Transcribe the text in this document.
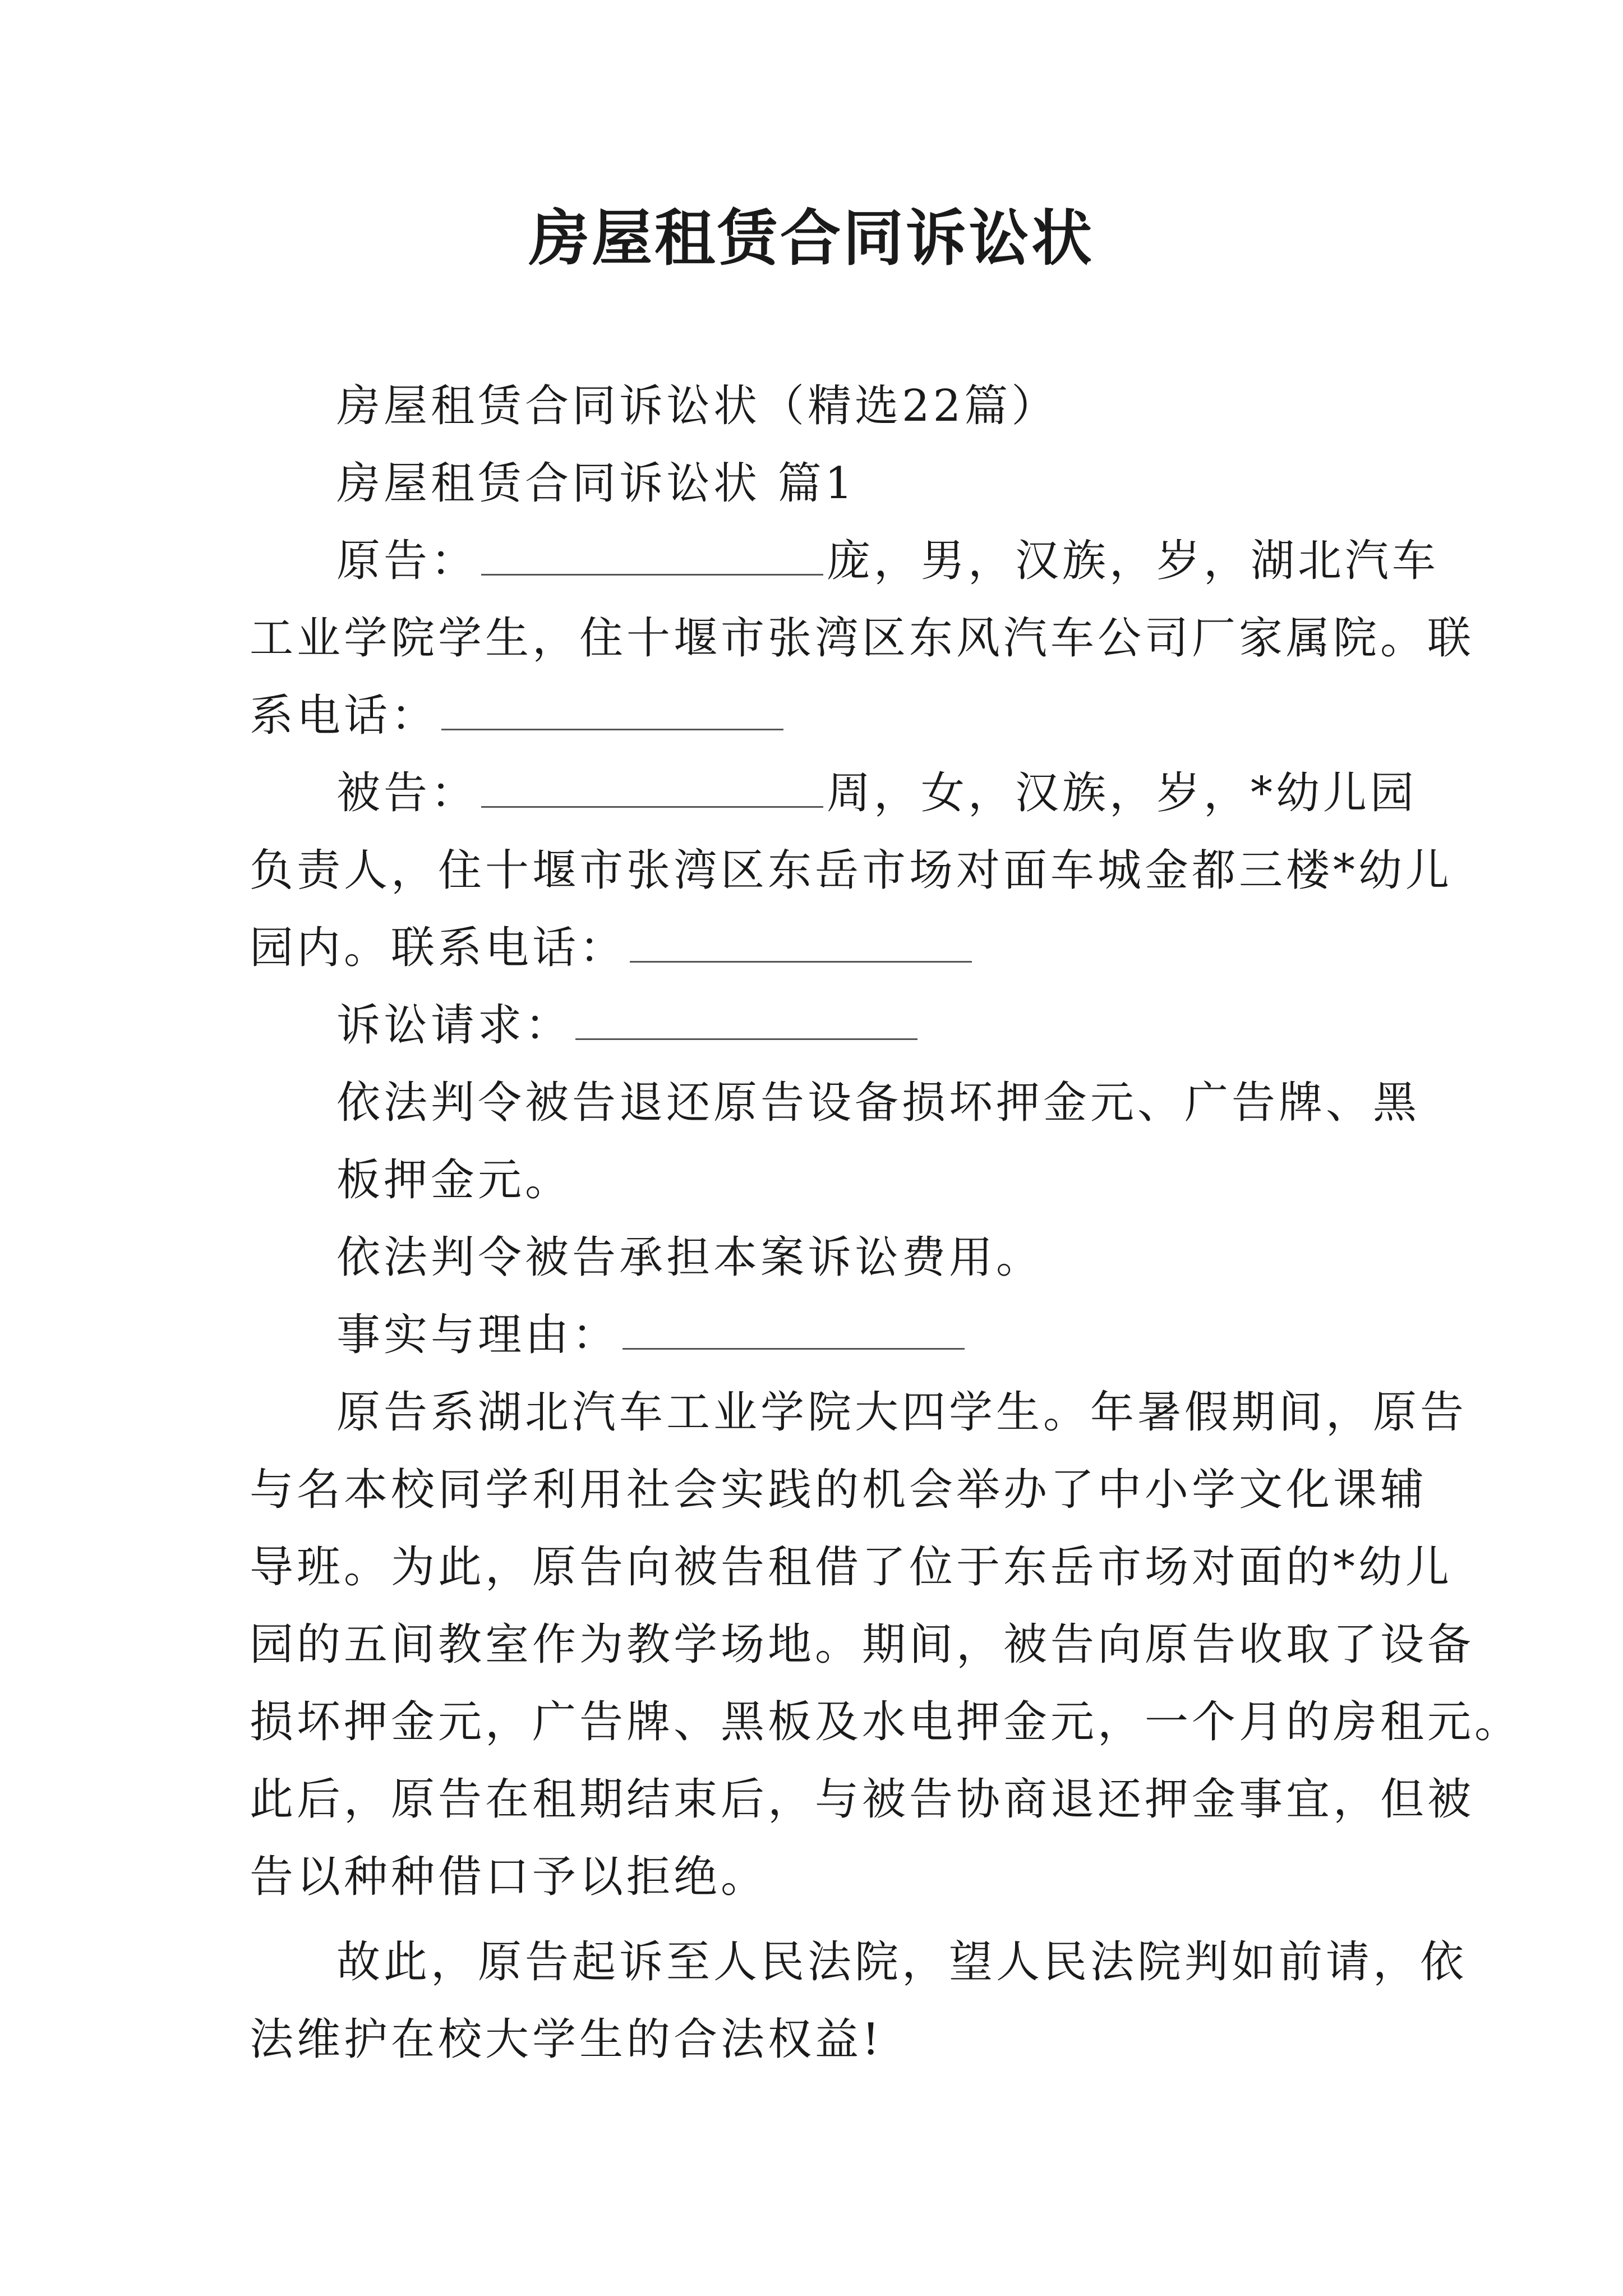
房屋租赁合同诉讼状
房屋租赁合同诉讼状（精选22篇）
房屋租赁合同诉讼状 篇1
原告：	庞，男，汉族，岁，湖北汽车
工业学院学生，住十堰市张湾区东风汽车公司厂家属院。联
系电话：
被告：	周，女，汉族，岁，*幼儿园
负责人，住十堰市张湾区东岳市场对面车城金都三楼*幼儿
园内。联系电话：
诉讼请求：
依法判令被告退还原告设备损坏押金元、广告牌、黑
板押金元。
依法判令被告承担本案诉讼费用。
事实与理由：
原告系湖北汽车工业学院大四学生。年暑假期间，原告
与名本校同学利用社会实践的机会举办了中小学文化课辅
导班。为此，原告向被告租借了位于东岳市场对面的*幼儿
园的五间教室作为教学场地。期间，被告向原告收取了设备
损坏押金元，广告牌、黑板及水电押金元，一个月的房租元。
此后，原告在租期结束后，与被告协商退还押金事宜，但被
告以种种借口予以拒绝。
故此，原告起诉至人民法院，望人民法院判如前请，依
法维护在校大学生的合法权益!
